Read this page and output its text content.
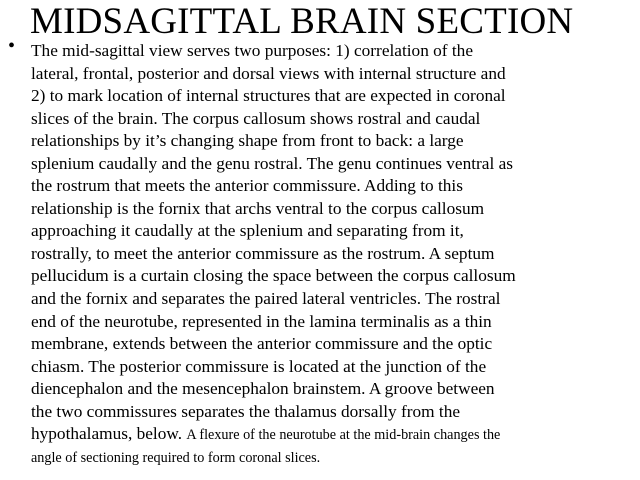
MIDSAGITTAL BRAIN SECTION
• The mid-sagittal view serves two purposes: 1) correlation of the
lateral, frontal, posterior and dorsal views with internal structure and
2) to mark location of internal structures that are expected in coronal
slices of the brain. The corpus callosum shows rostral and caudal
relationships by it’s changing shape from front to back: a large
splenium caudally and the genu rostral. The genu continues ventral as
the rostrum that meets the anterior commissure. Adding to this
relationship is the fornix that archs ventral to the corpus callosum
approaching it caudally at the splenium and separating from it,
rostrally, to meet the anterior commissure as the rostrum. A septum
pellucidum is a curtain closing the space between the corpus callosum
and the fornix and separates the paired lateral ventricles. The rostral
end of the neurotube, represented in the lamina terminalis as a thin
membrane, extends between the anterior commissure and the optic
chiasm. The posterior commissure is located at the junction of the
diencephalon and the mesencephalon brainstem. A groove between
the two commissures separates the thalamus dorsally from the
hypothalamus, below. A flexure of the neurotube at the mid-brain changes the
angle of sectioning required to form coronal slices.
